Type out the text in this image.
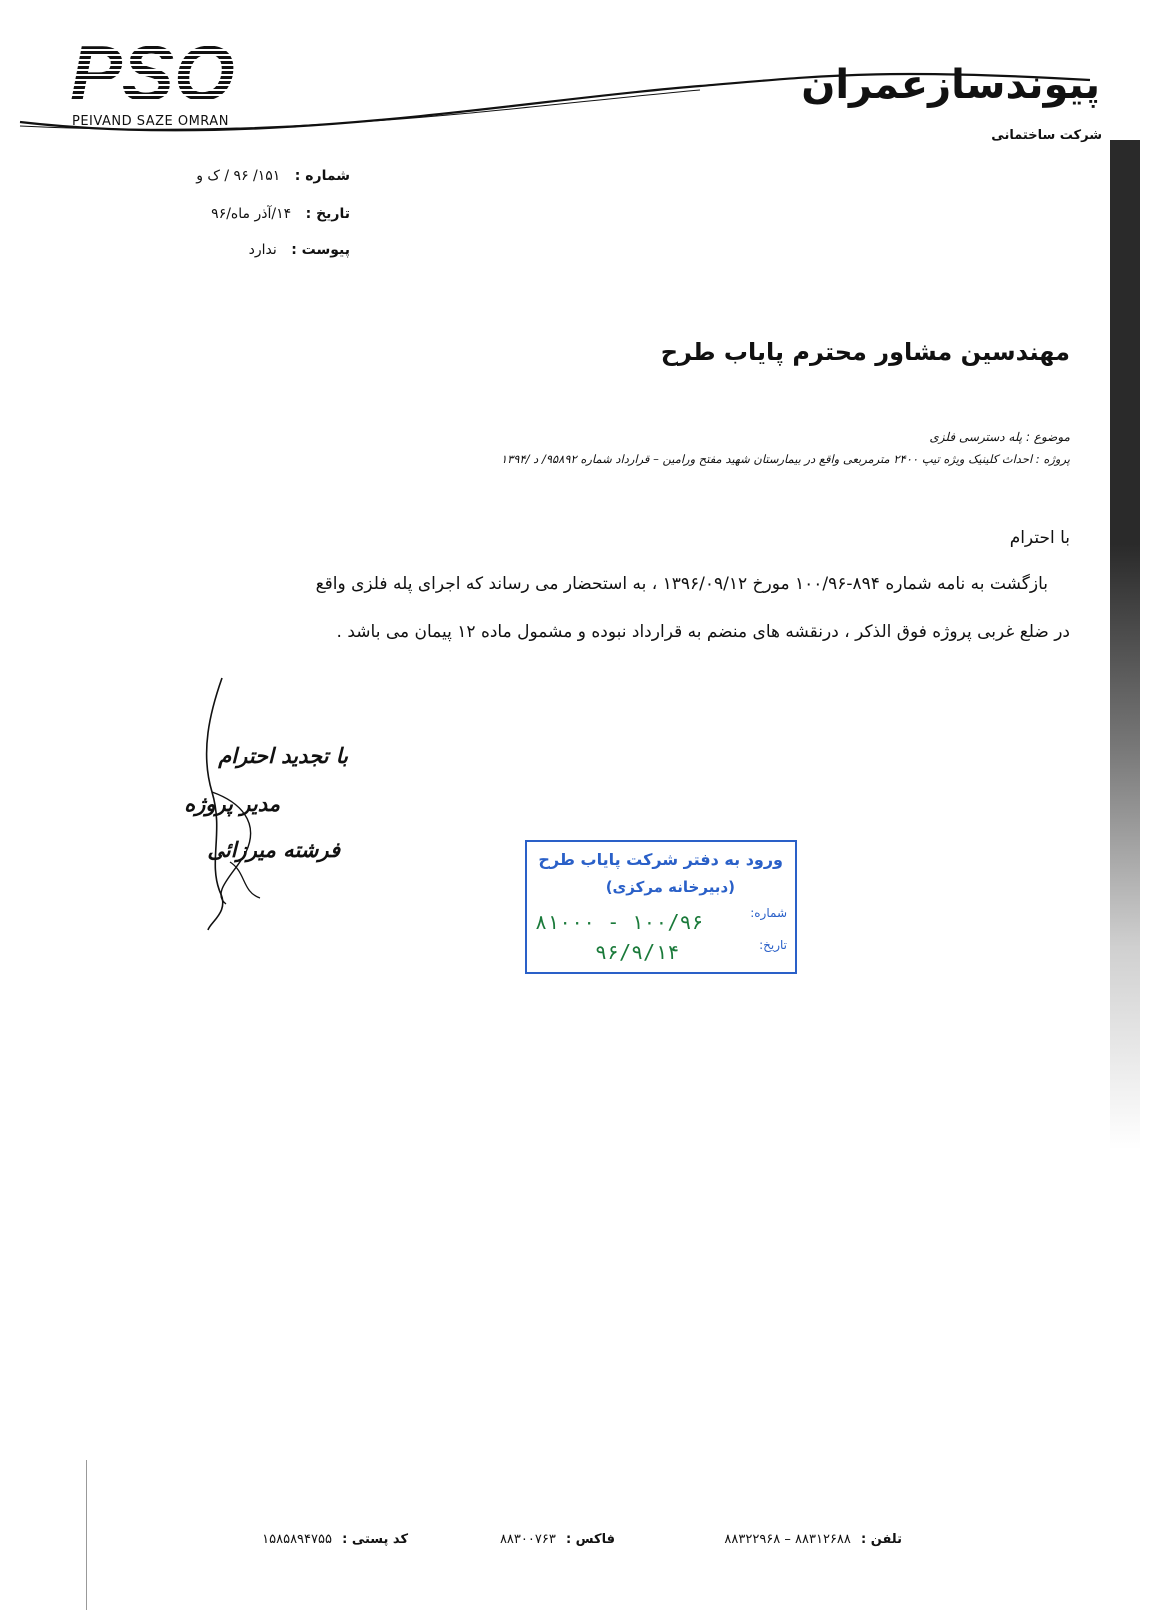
PSO
PEIVAND SAZE OMRAN
پیوندسازعمران
شرکت ساختمانی
شماره : ۱۵۱/ ۹۶ / ک و
تاریخ : ۱۴/آذر ماه/۹۶
پیوست : ندارد
مهندسین مشاور محترم پایاب طرح
موضوع : پله دسترسی فلزی
پروژه : احداث کلینیک ویژه تیپ ۲۴۰۰ مترمربعی واقع در بیمارستان شهید مفتح ورامین – قرارداد شماره ۹۵۸۹۲/ د /۱۳۹۴
با احترام
بازگشت به نامه شماره ۸۹۴-۱۰۰/۹۶ مورخ ۱۳۹۶/۰۹/۱۲ ، به استحضار می رساند که اجرای پله فلزی واقع
در ضلع غربی پروژه فوق الذکر ، درنقشه های منضم به قرارداد نبوده و مشمول ماده ۱۲ پیمان می باشد .
با تجدید احترام
مدیر پروژه
فرشته میرزائی	ورود به دفتر شرکت پایاب طرح
(دبیرخانه مرکزی)
شماره:
تاریخ:
۱۰۰/۹۶ - ۸۱۰۰۰
۹۶/۹/۱۴
تلفن : ۸۸۳۱۲۶۸۸ – ۸۸۳۲۲۹۶۸
فاکس : ۸۸۳۰۰۷۶۳
کد پستی : ۱۵۸۵۸۹۴۷۵۵
